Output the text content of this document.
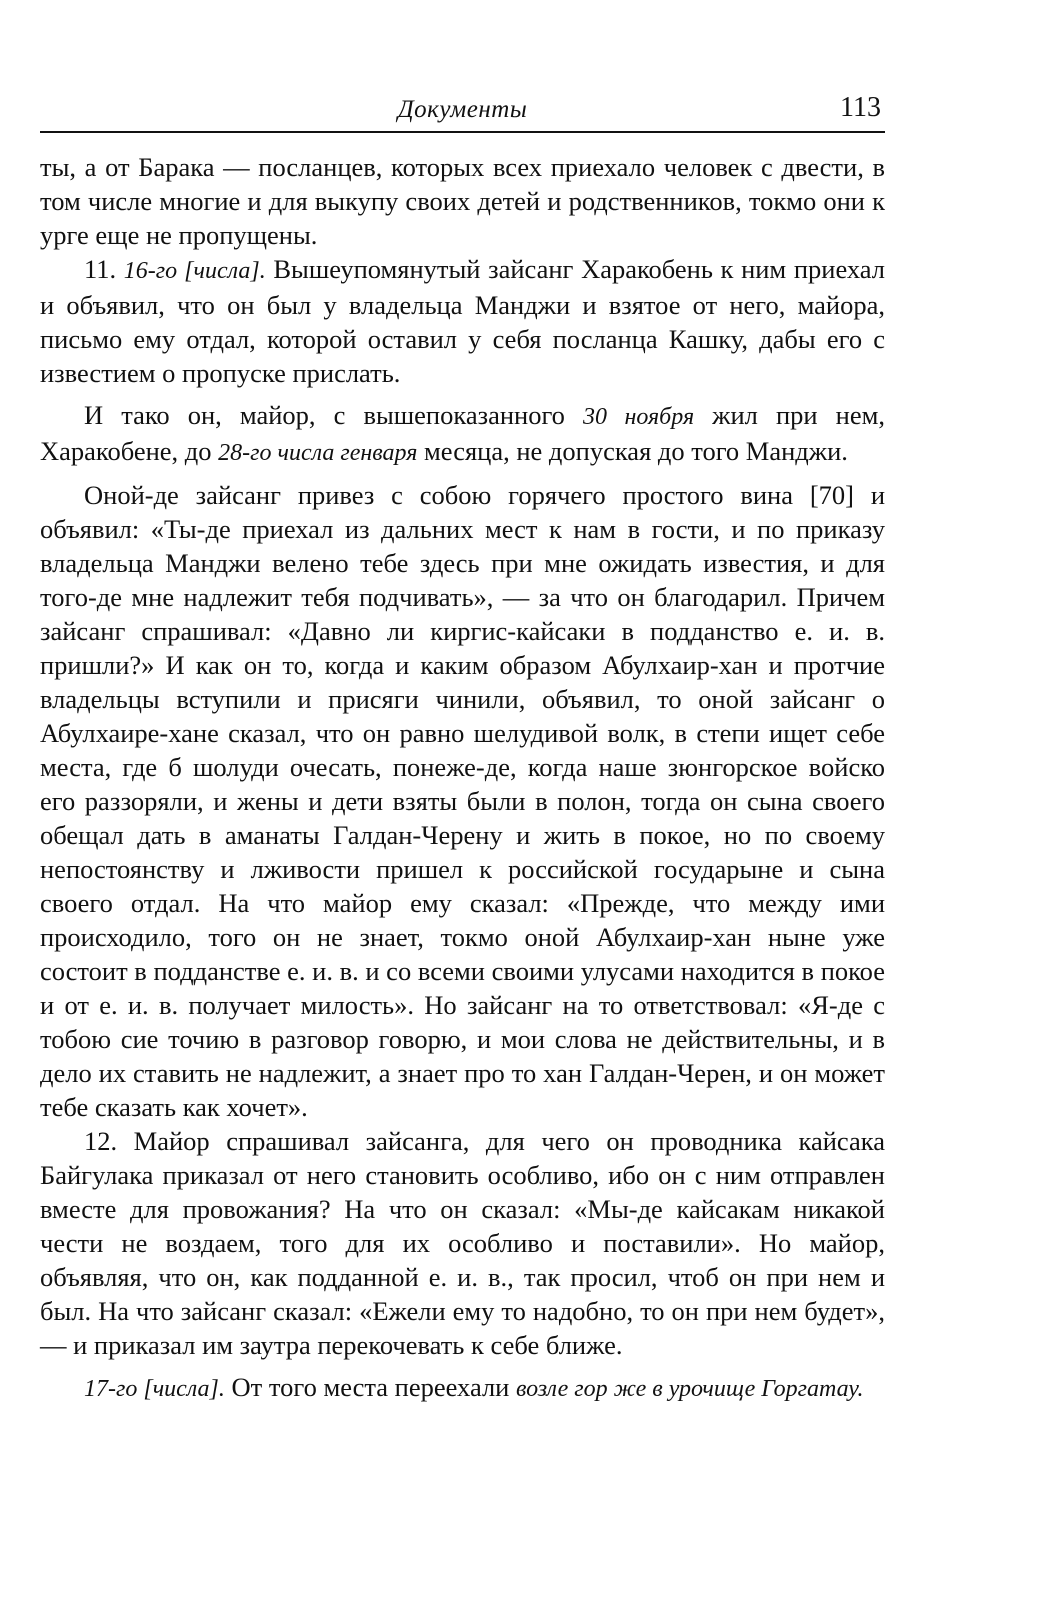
Документы	113

ты, а от Барака — посланцев, которых всех приехало человек с двести, в том числе многие и для выкупу своих детей и родственников, токмо они к урге еще не пропущены.

11. 16-го [числа]. Вышеупомянутый зайсанг Харакобень к ним приехал и объявил, что он был у владельца Манджи и взятое от него, майора, письмо ему отдал, которой оставил у себя посланца Кашку, дабы его с известием о пропуске прислать.

И тако он, майор, с вышепоказанного 30 ноября жил при нем, Харакобене, до 28-го числа генваря месяца, не допуская до того Манджи.

Оной-де зайсанг привез с собою горячего простого вина [70] и объявил: «Ты-де приехал из дальних мест к нам в гости, и по приказу владельца Манджи велено тебе здесь при мне ожидать известия, и для того-де мне надлежит тебя подчивать», — за что он благодарил. Причем зайсанг спрашивал: «Давно ли киргис-кайсаки в подданство е. и. в. пришли?» И как он то, когда и каким образом Абулхаир-хан и протчие владельцы вступили и присяги чинили, объявил, то оной зайсанг о Абулхаире-хане сказал, что он равно шелудивой волк, в степи ищет себе места, где б шолуди очесать, понеже-де, когда наше зюнгорское войско его раззоряли, и жены и дети взяты были в полон, тогда он сына своего обещал дать в аманаты Галдан-Черену и жить в покое, но по своему непостоянству и лживости пришел к российской государыне и сына своего отдал. На что майор ему сказал: «Прежде, что между ими происходило, того он не знает, токмо оной Абулхаир-хан ныне уже состоит в подданстве е. и. в. и со всеми своими улусами находится в покое и от е. и. в. получает милость». Но зайсанг на то ответствовал: «Я-де с тобою сие точию в разговор говорю, и мои слова не действительны, и в дело их ставить не надлежит, а знает про то хан Галдан-Черен, и он может тебе сказать как хочет».

12. Майор спрашивал зайсанга, для чего он проводника кайсака Байгулака приказал от него становить особливо, ибо он с ним отправлен вместе для провожания? На что он сказал: «Мы-де кайсакам никакой чести не воздаем, того для их особливо и поставили». Но майор, объявляя, что он, как подданной е. и. в., так просил, чтоб он при нем и был. На что зайсанг сказал: «Ежели ему то надобно, то он при нем будет», — и приказал им заутра перекочевать к себе ближе.

17-го [числа]. От того места переехали возле гор же в урочище Горгатау.
